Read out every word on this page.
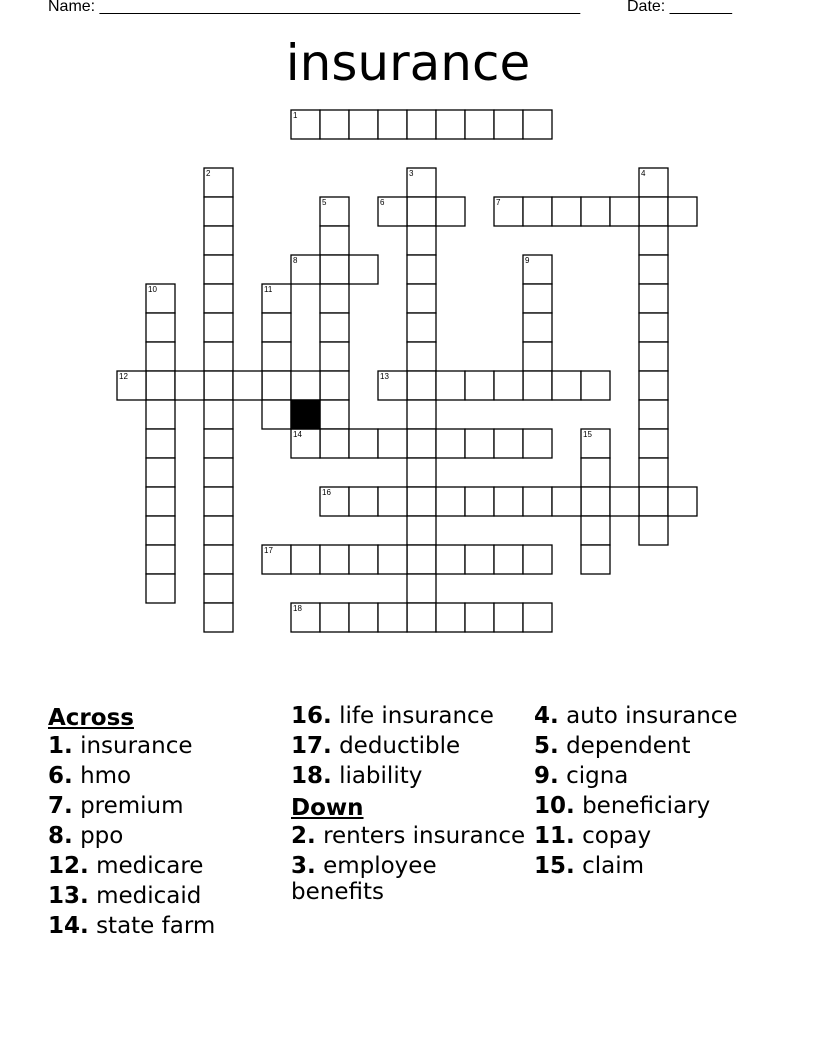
Name: ______________________________________________________	Date: _______
insurance
1
2	3	4
5	6	7
8	9
10	11
12	13
14	15
16
17
18
Across
1. insurance
6. hmo
7. premium
8. ppo
12. medicare
13. medicaid
14. state farm
16. life insurance
17. deductible
18. liability
Down
2. renters insurance
3. employee benefits
4. auto insurance
5. dependent
9. cigna
10. beneficiary
11. copay
15. claim
